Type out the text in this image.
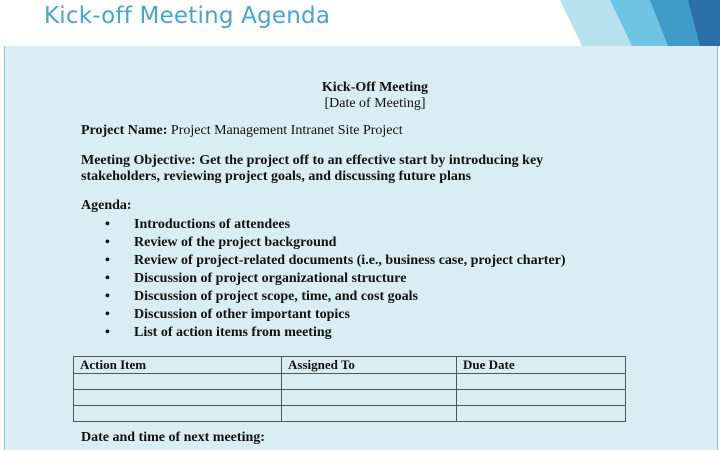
Kick-off Meeting Agenda
Kick-Off Meeting
[Date of Meeting]
Project Name: Project Management Intranet Site Project
Meeting Objective: Get the project off to an effective start by introducing key
stakeholders, reviewing project goals, and discussing future plans
Agenda:
• Introductions of attendees
• Review of the project background
• Review of project-related documents (i.e., business case, project charter)
• Discussion of project organizational structure
• Discussion of project scope, time, and cost goals
• Discussion of other important topics
• List of action items from meeting
Action Item	Assigned To	Due Date

Date and time of next meeting:
